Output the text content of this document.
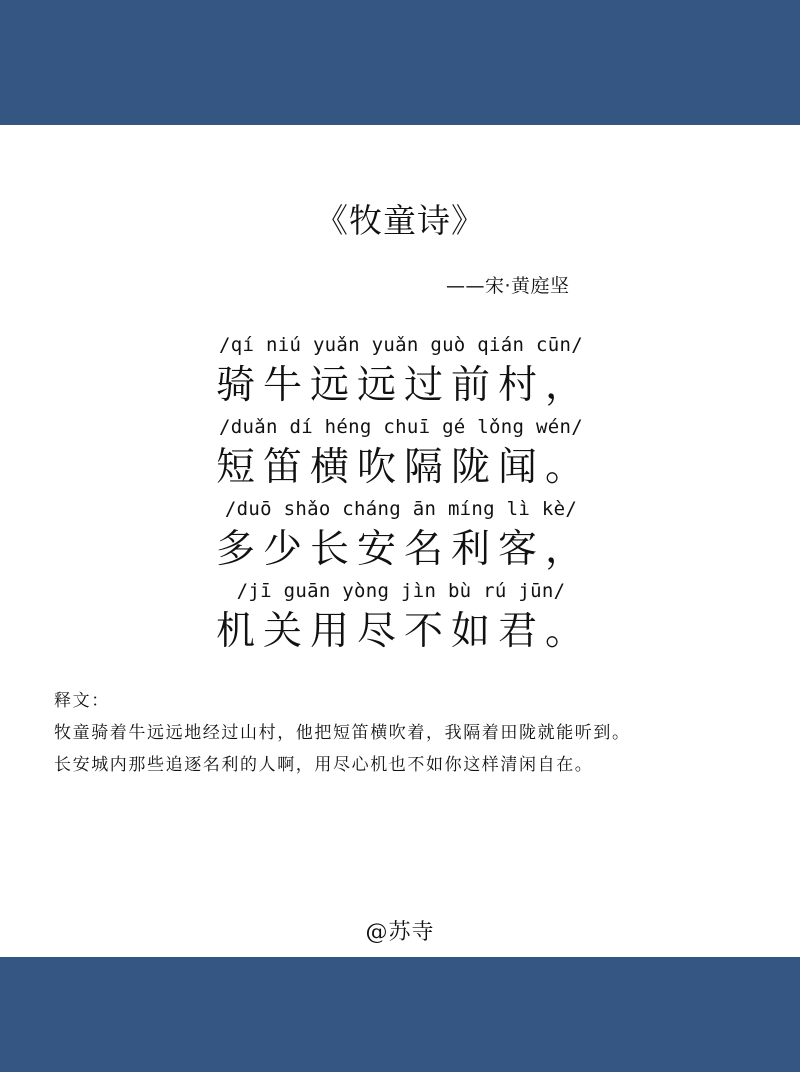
《牧童诗》
——宋·黄庭坚
/qí niú yuǎn yuǎn guò qián cūn/
骑牛远远过前村，
/duǎn dí héng chuī gé lǒng wén/
短笛横吹隔陇闻。
/duō shǎo cháng ān míng lì kè/
多少长安名利客，
/jī guān yòng jìn bù rú jūn/
机关用尽不如君。
释文：
牧童骑着牛远远地经过山村，他把短笛横吹着，我隔着田陇就能听到。
长安城内那些追逐名利的人啊，用尽心机也不如你这样清闲自在。
@苏寺
